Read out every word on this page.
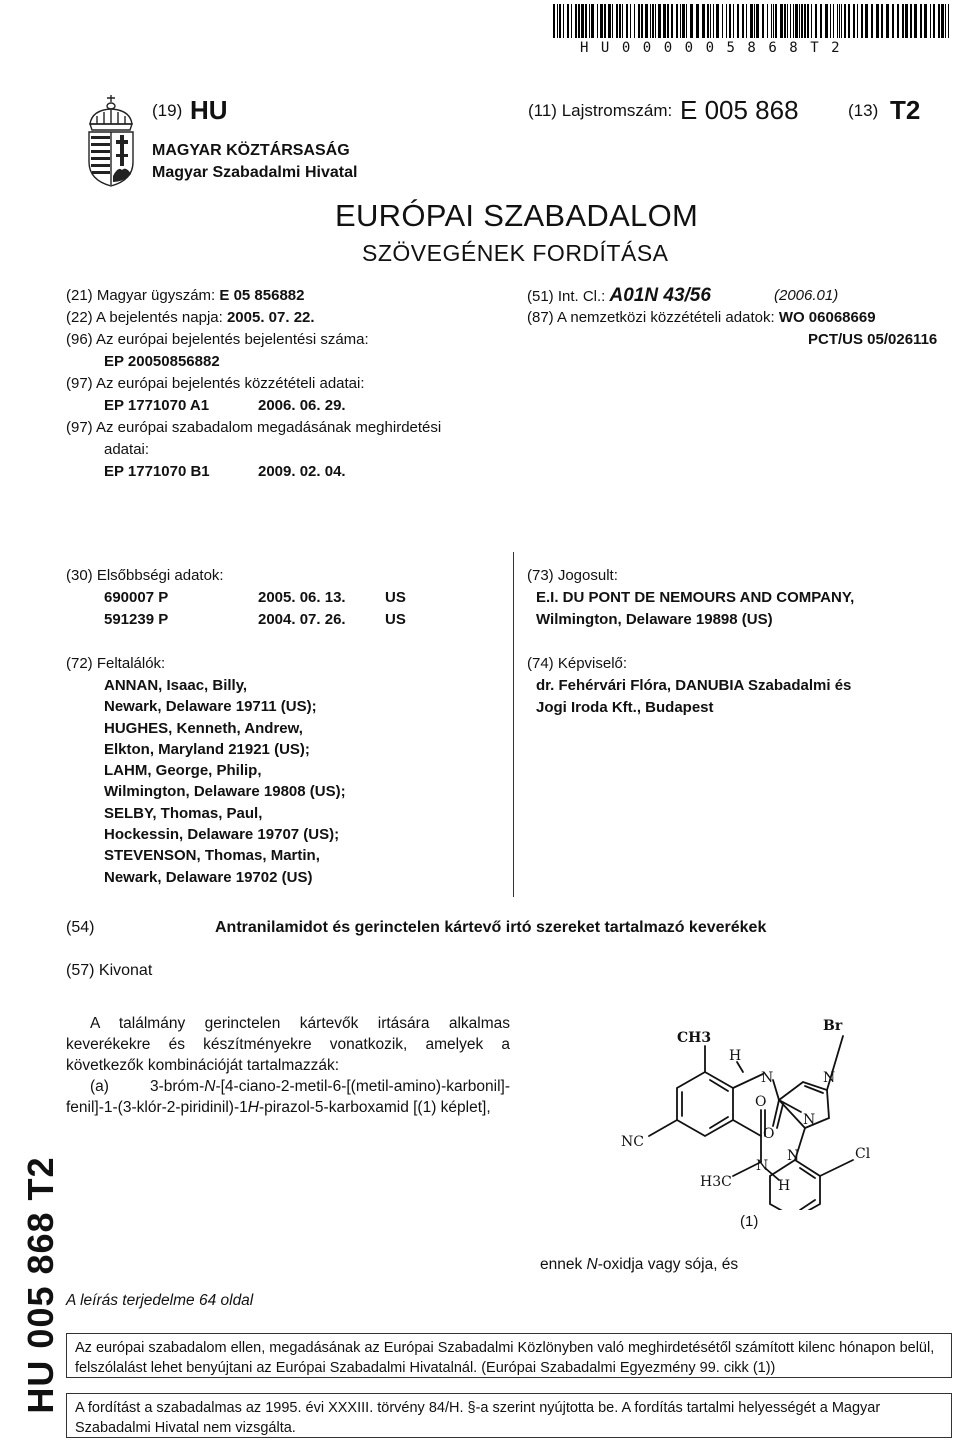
HU000005868T2
(19) HU	(11) Lajstromszám: E 005 868	(13) T2
MAGYAR KÖZTÁRSASÁG
Magyar Szabadalmi Hivatal
EURÓPAI SZABADALOM
SZÖVEGÉNEK FORDÍTÁSA
(21) Magyar ügyszám: E 05 856882
(22) A bejelentés napja: 2005. 07. 22.
(96) Az európai bejelentés bejelentési száma:
EP 20050856882
(97) Az európai bejelentés közzétételi adatai:
EP 1771070 A1	2006. 06. 29.
(97) Az európai szabadalom megadásának meghirdetési
adatai:
EP 1771070 B1	2009. 02. 04.
(51) Int. Cl.: A01N 43/56	(2006.01)
(87) A nemzetközi közzétételi adatok: WO 06068669
PCT/US 05/026116
(30) Elsőbbségi adatok:
690007 P	2005. 06. 13.	US
591239 P	2004. 07. 26.	US
(72) Feltalálók:
ANNAN, Isaac, Billy,
Newark, Delaware 19711 (US);
HUGHES, Kenneth, Andrew,
Elkton, Maryland 21921 (US);
LAHM, George, Philip,
Wilmington, Delaware 19808 (US);
SELBY, Thomas, Paul,
Hockessin, Delaware 19707 (US);
STEVENSON, Thomas, Martin,
Newark, Delaware 19702 (US)
(73) Jogosult:
E.I. DU PONT DE NEMOURS AND COMPANY,
Wilmington, Delaware 19898 (US)
(74) Képviselő:
dr. Fehérvári Flóra, DANUBIA Szabadalmi és
Jogi Iroda Kft., Budapest
(54)	Antranilamidot és gerinctelen kártevő irtó szereket tartalmazó keverékek
(57) Kivonat

A találmány gerinctelen kártevők irtására alkalmas keverékekre és készítményekre vonatkozik, amelyek a következők kombinációját tartalmazzák:

(a) 3-bróm-N-[4-ciano-2-metil-6-[(metil-amino)-karbonil]-fenil]-1-(3-klór-2-piridinil)-1H-pirazol-5-karboxamid [(1) képlet],

CH3
H
Br
N	N
N
O
Cl
N
NC
O
N
H3C	H
(1)
ennek N-oxidja vagy sója, és
A leírás terjedelme 64 oldal
HU 005 868 T2 Az európai szabadalom ellen, megadásának az Európai Szabadalmi Közlönyben való meghirdetésétől számított kilenc hónapon belül, felszólalást lehet benyújtani az Európai Szabadalmi Hivatalnál. (Európai Szabadalmi Egyezmény 99. cikk (1))
A fordítást a szabadalmas az 1995. évi XXXIII. törvény 84/H. §-a szerint nyújtotta be. A fordítás tartalmi helyességét a Magyar Szabadalmi Hivatal nem vizsgálta.
